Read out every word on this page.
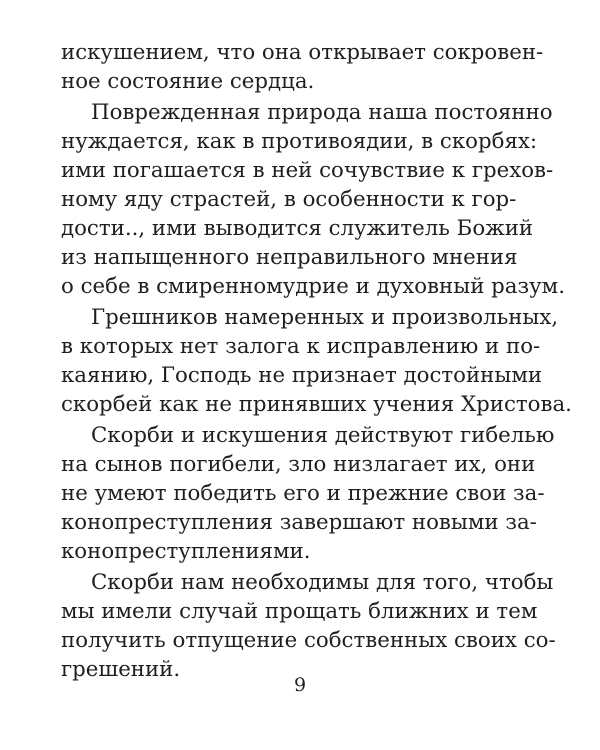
искушением, что она открывает сокровен-
ное состояние сердца.
Поврежденная природа наша постоянно
нуждается, как в противоядии, в скорбях:
ими погашается в ней сочувствие к грехов-
ному яду страстей, в особенности к гор-
дости.., ими выводится служитель Божий
из напыщенного неправильного мнения
о себе в смиренномудрие и духовный разум.
Грешников намеренных и произвольных,
в которых нет залога к исправлению и по-
каянию, Господь не признает достойными
скорбей как не принявших учения Христова.
Скорби и искушения действуют гибелью
на сынов погибели, зло низлагает их, они
не умеют победить его и прежние свои за-
конопреступления завершают новыми за-
конопреступлениями.
Скорби нам необходимы для того, чтобы
мы имели случай прощать ближних и тем
получить отпущение собственных своих со-
грешений.
9
